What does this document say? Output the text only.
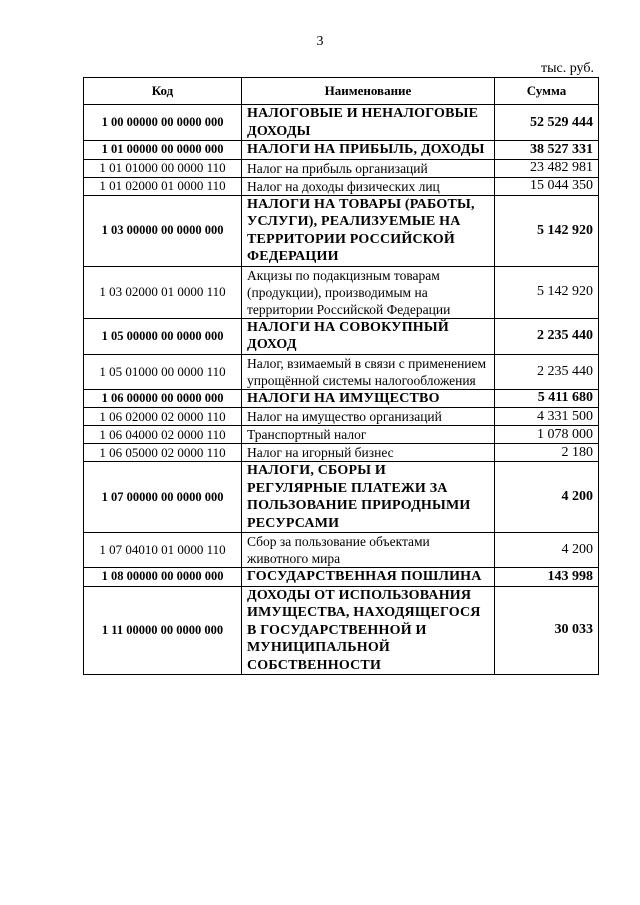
3
тыс. руб.
Код	Наименование	Сумма
1 00 00000 00 0000 000	НАЛОГОВЫЕ И НЕНАЛОГОВЫЕ ДОХОДЫ	52 529 444
1 01 00000 00 0000 000	НАЛОГИ НА ПРИБЫЛЬ, ДОХОДЫ	38 527 331
1 01 01000 00 0000 110	Налог на прибыль организаций	23 482 981
1 01 02000 01 0000 110	Налог на доходы физических лиц	15 044 350
1 03 00000 00 0000 000	НАЛОГИ НА ТОВАРЫ (РАБОТЫ, УСЛУГИ), РЕАЛИЗУЕМЫЕ НА ТЕРРИТОРИИ РОССИЙСКОЙ ФЕДЕРАЦИИ	5 142 920
1 03 02000 01 0000 110	Акцизы по подакцизным товарам (продукции), производимым на территории Российской Федерации	5 142 920
1 05 00000 00 0000 000	НАЛОГИ НА СОВОКУПНЫЙ ДОХОД	2 235 440
1 05 01000 00 0000 110	Налог, взимаемый в связи с применением упрощённой системы налогообложения	2 235 440
1 06 00000 00 0000 000	НАЛОГИ НА ИМУЩЕСТВО	5 411 680
1 06 02000 02 0000 110	Налог на имущество организаций	4 331 500
1 06 04000 02 0000 110	Транспортный налог	1 078 000
1 06 05000 02 0000 110	Налог на игорный бизнес	2 180
1 07 00000 00 0000 000	НАЛОГИ, СБОРЫ И РЕГУЛЯРНЫЕ ПЛАТЕЖИ ЗА ПОЛЬЗОВАНИЕ ПРИРОДНЫМИ РЕСУРСАМИ	4 200
1 07 04010 01 0000 110	Сбор за пользование объектами животного мира	4 200
1 08 00000 00 0000 000	ГОСУДАРСТВЕННАЯ ПОШЛИНА	143 998
1 11 00000 00 0000 000	ДОХОДЫ ОТ ИСПОЛЬЗОВАНИЯ ИМУЩЕСТВА, НАХОДЯЩЕГОСЯ В ГОСУДАРСТВЕННОЙ И МУНИЦИПАЛЬНОЙ СОБСТВЕННОСТИ	30 033
